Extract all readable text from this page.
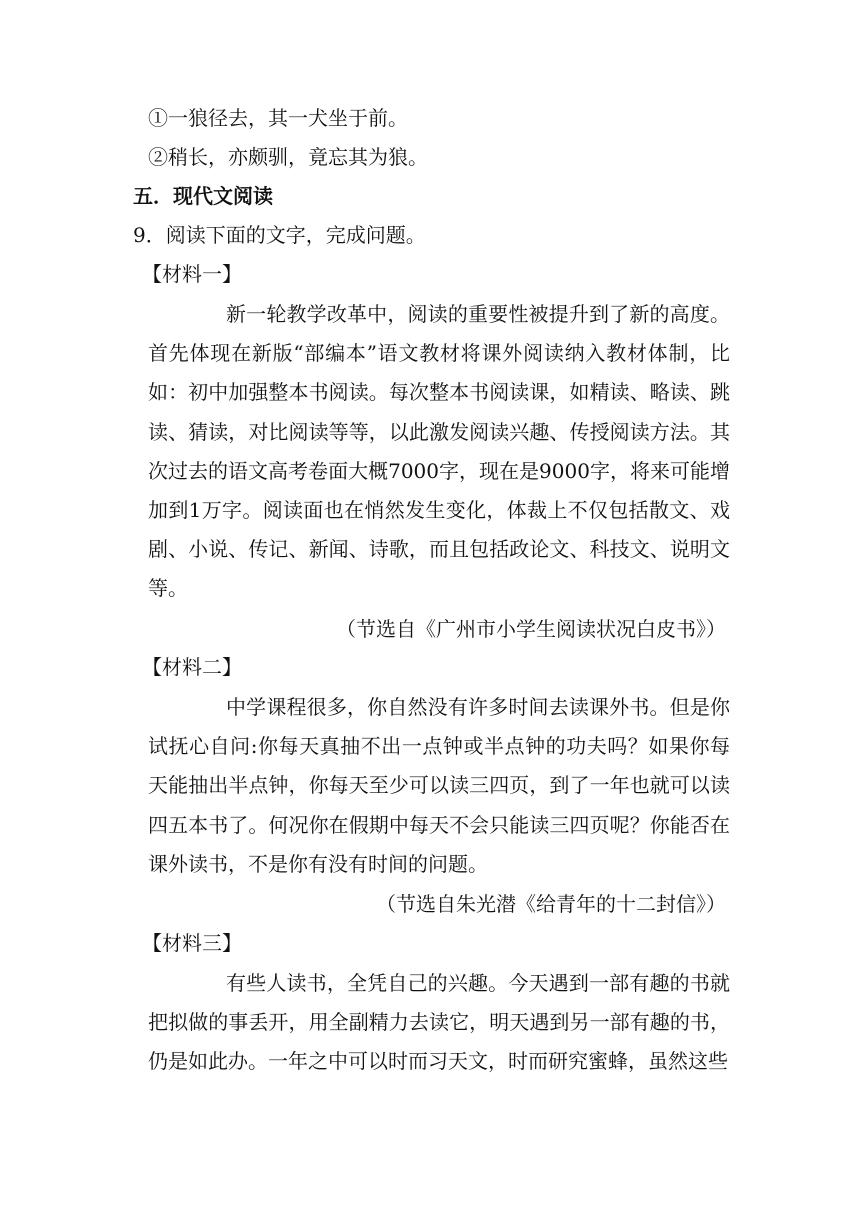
①一狼径去，其一犬坐于前。
②稍长，亦颇驯，竟忘其为狼。
五．现代文阅读
9．阅读下面的文字，完成问题。
【材料一】
新一轮教学改革中，阅读的重要性被提升到了新的高度。首先体现在新版“部编本”语文教材将课外阅读纳入教材体制，比如：初中加强整本书阅读。每次整本书阅读课，如精读、略读、跳读、猜读，对比阅读等等，以此激发阅读兴趣、传授阅读方法。其次过去的语文高考卷面大概7000字，现在是9000字，将来可能增加到1万字。阅读面也在悄然发生变化，体裁上不仅包括散文、戏剧、小说、传记、新闻、诗歌，而且包括政论文、科技文、说明文等。
（节选自《广州市小学生阅读状况白皮书》）
【材料二】
中学课程很多，你自然没有许多时间去读课外书。但是你试抚心自问:你每天真抽不出一点钟或半点钟的功夫吗？如果你每天能抽出半点钟，你每天至少可以读三四页，到了一年也就可以读四五本书了。何况你在假期中每天不会只能读三四页呢？你能否在课外读书，不是你有没有时间的问题。
（节选自朱光潜《给青年的十二封信》）
【材料三】
有些人读书，全凭自己的兴趣。今天遇到一部有趣的书就把拟做的事丢开，用全副精力去读它，明天遇到另一部有趣的书，仍是如此办。一年之中可以时而习天文，时而研究蜜蜂，虽然这些
